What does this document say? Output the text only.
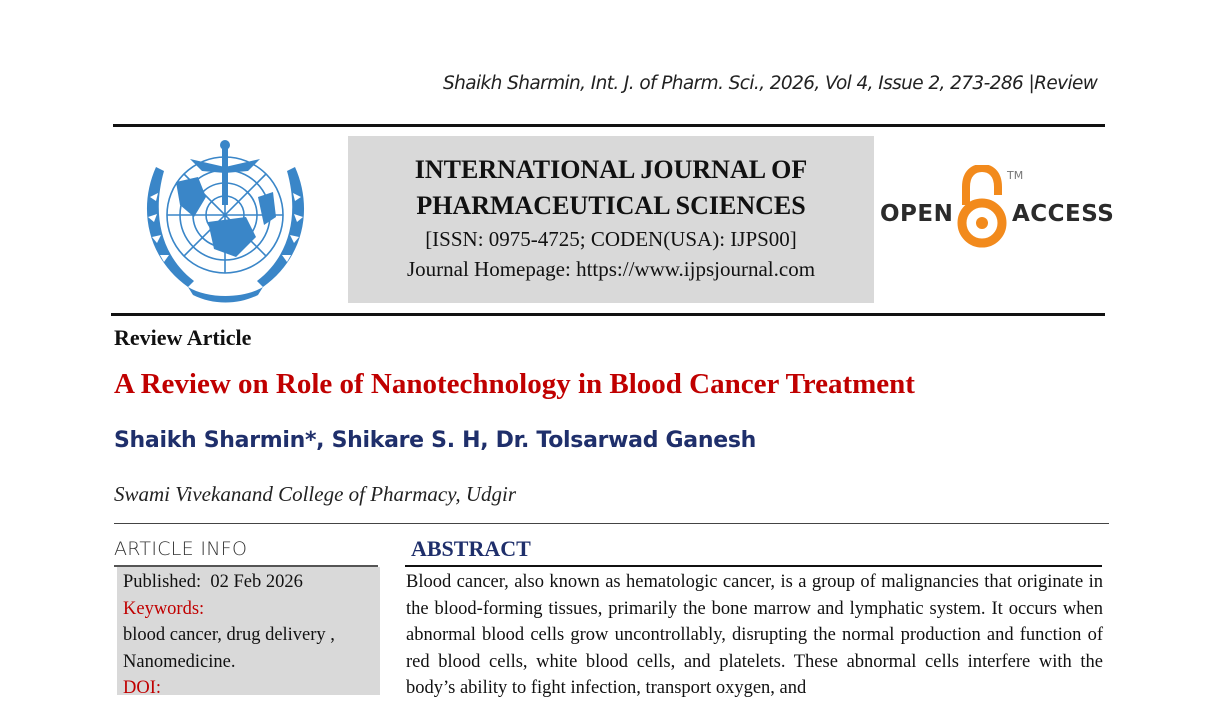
Shaikh Sharmin, Int. J. of Pharm. Sci., 2026, Vol 4, Issue 2, 273-286 |Review
INTERNATIONAL JOURNAL OF
PHARMACEUTICAL SCIENCES
[ISSN: 0975-4725; CODEN(USA): IJPS00]
Journal Homepage: https://www.ijpsjournal.com
OPEN
TM
ACCESS
Review Article
A Review on Role of Nanotechnology in Blood Cancer Treatment
Shaikh Sharmin*, Shikare S. H, Dr. Tolsarwad Ganesh
Swami Vivekanand College of Pharmacy, Udgir
ARTICLE INFO
Published: 02 Feb 2026
Keywords:
blood cancer, drug delivery ,
Nanomedicine.
DOI:
ABSTRACT

Blood cancer, also known as hematologic cancer, is a group of malignancies that originate in the blood-forming tissues, primarily the bone marrow and lymphatic system. It occurs when abnormal blood cells grow uncontrollably, disrupting the normal production and function of red blood cells, white blood cells, and platelets. These abnormal cells interfere with the body’s ability to fight infection, transport oxygen, and
